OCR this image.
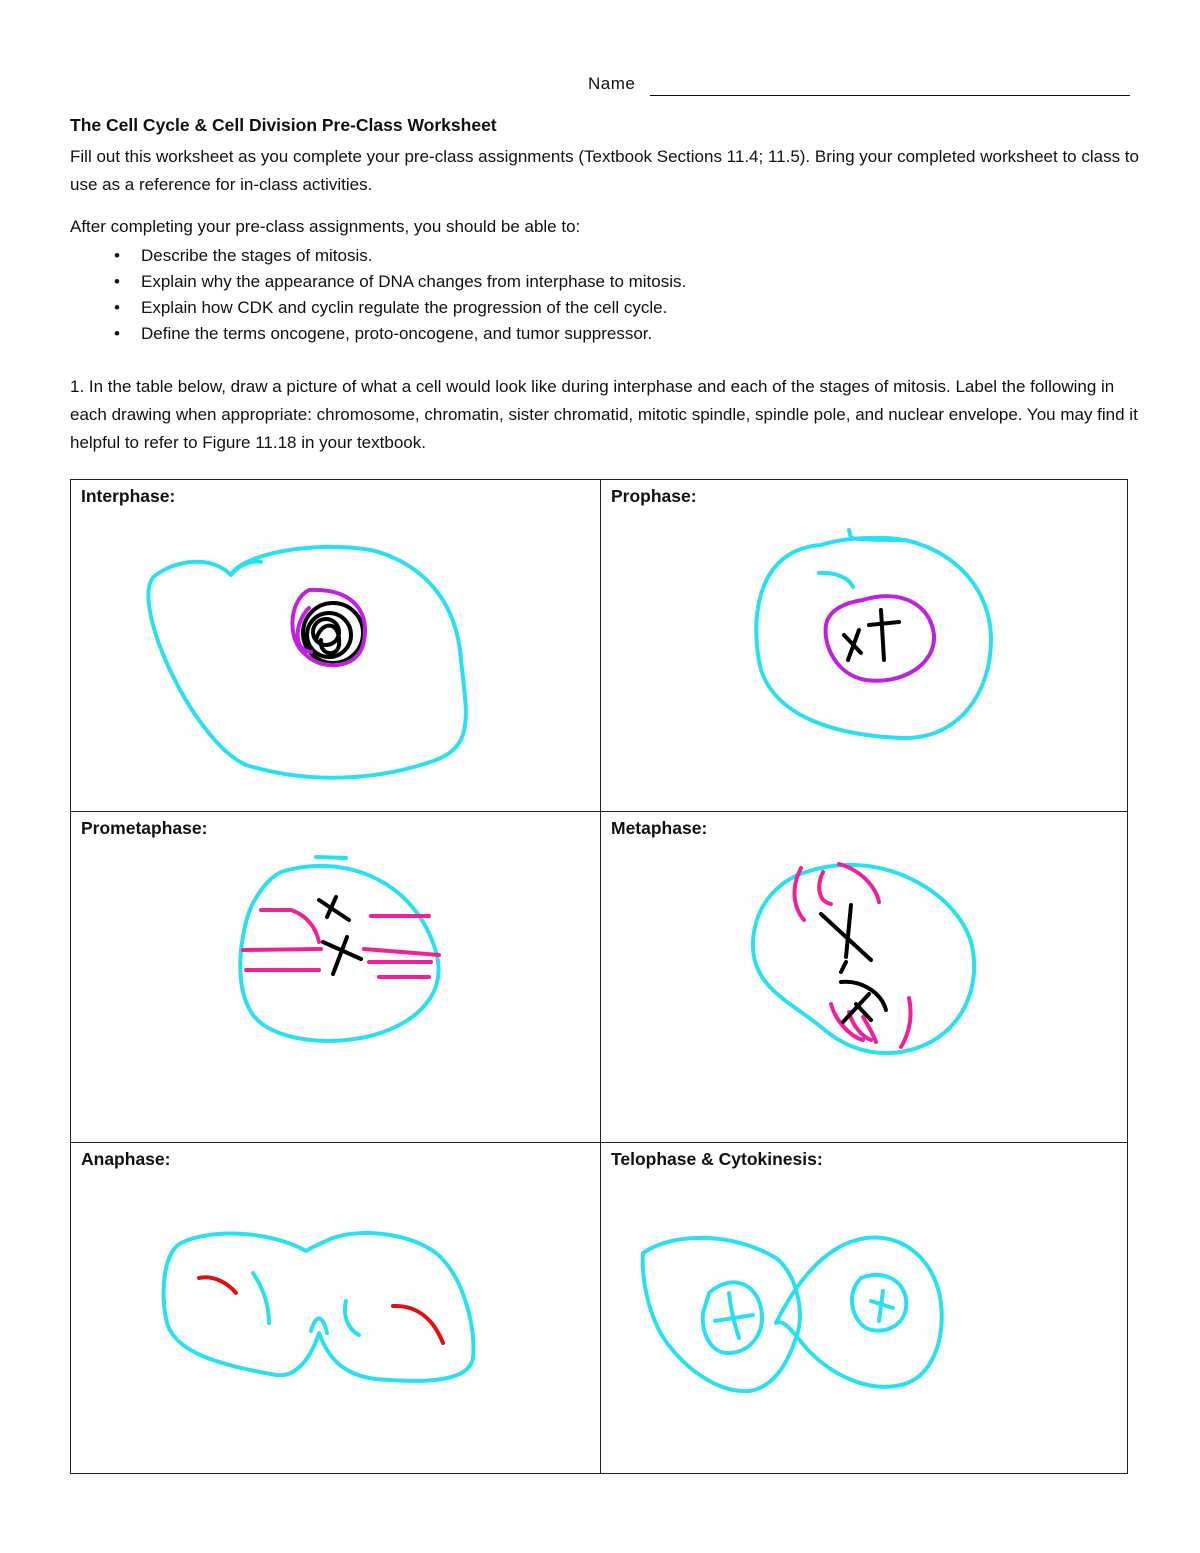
Name
The Cell Cycle & Cell Division Pre-Class Worksheet
Fill out this worksheet as you complete your pre-class assignments (Textbook Sections 11.4; 11.5). Bring your completed worksheet to class to use as a reference for in-class activities.
After completing your pre-class assignments, you should be able to:
• Describe the stages of mitosis.
• Explain why the appearance of DNA changes from interphase to mitosis.
• Explain how CDK and cyclin regulate the progression of the cell cycle.
• Define the terms oncogene, proto-oncogene, and tumor suppressor.
1. In the table below, draw a picture of what a cell would look like during interphase and each of the stages of mitosis. Label the following in each drawing when appropriate: chromosome, chromatin, sister chromatid, mitotic spindle, spindle pole, and nuclear envelope. You may find it helpful to refer to Figure 11.18 in your textbook.
Interphase:	Prophase:
Prometaphase:	Metaphase:
Anaphase:	Telophase & Cytokinesis:
